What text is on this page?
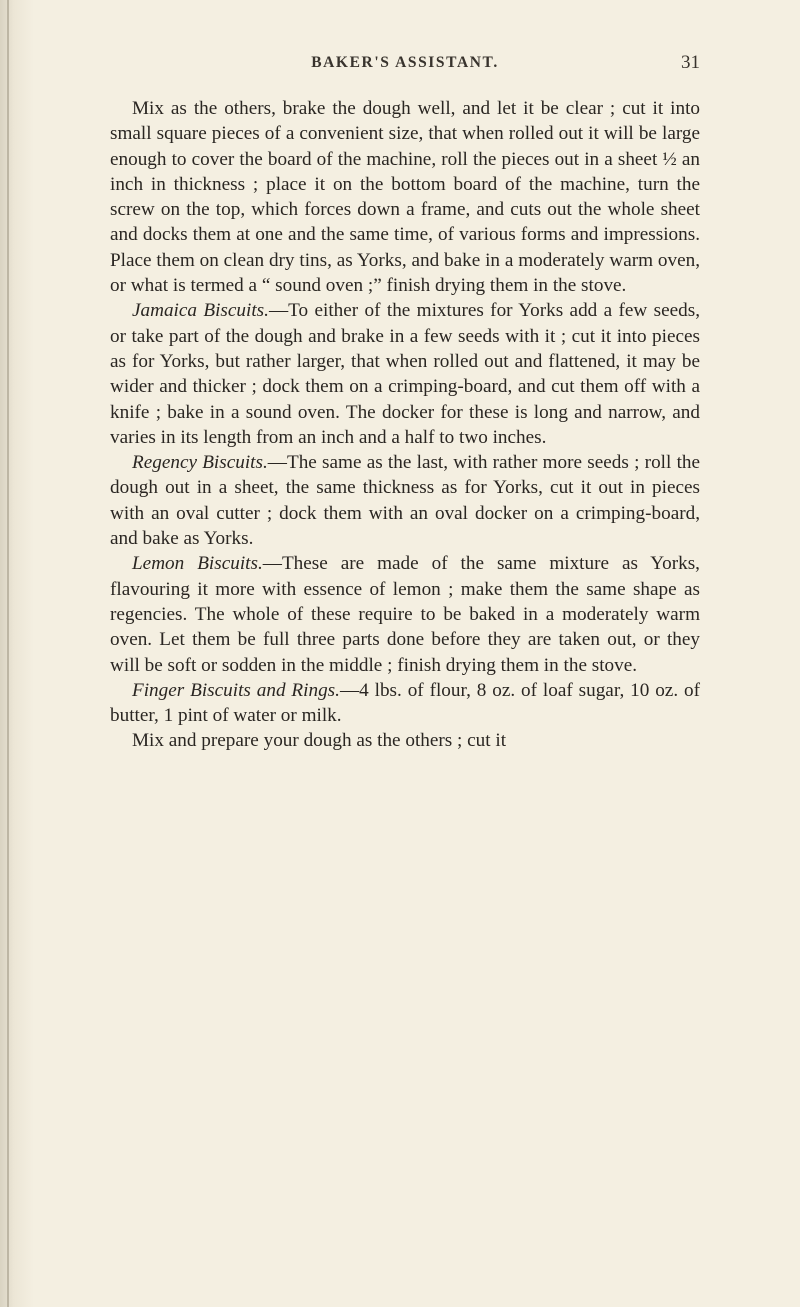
BAKER'S ASSISTANT.	31

Mix as the others, brake the dough well, and let it be clear ; cut it into small square pieces of a convenient size, that when rolled out it will be large enough to cover the board of the machine, roll the pieces out in a sheet ½ an inch in thickness ; place it on the bottom board of the machine, turn the screw on the top, which forces down a frame, and cuts out the whole sheet and docks them at one and the same time, of various forms and impressions. Place them on clean dry tins, as Yorks, and bake in a moderately warm oven, or what is termed a “ sound oven ;” finish drying them in the stove.

Jamaica Biscuits.—To either of the mixtures for Yorks add a few seeds, or take part of the dough and brake in a few seeds with it ; cut it into pieces as for Yorks, but rather larger, that when rolled out and flattened, it may be wider and thicker ; dock them on a crimping-board, and cut them off with a knife ; bake in a sound oven. The docker for these is long and narrow, and varies in its length from an inch and a half to two inches.

Regency Biscuits.—The same as the last, with rather more seeds ; roll the dough out in a sheet, the same thickness as for Yorks, cut it out in pieces with an oval cutter ; dock them with an oval docker on a crimping-board, and bake as Yorks.

Lemon Biscuits.—These are made of the same mixture as Yorks, flavouring it more with essence of lemon ; make them the same shape as regencies. The whole of these require to be baked in a moderately warm oven. Let them be full three parts done before they are taken out, or they will be soft or sodden in the middle ; finish drying them in the stove.

Finger Biscuits and Rings.—4 lbs. of flour, 8 oz. of loaf sugar, 10 oz. of butter, 1 pint of water or milk.

Mix and prepare your dough as the others ; cut it
